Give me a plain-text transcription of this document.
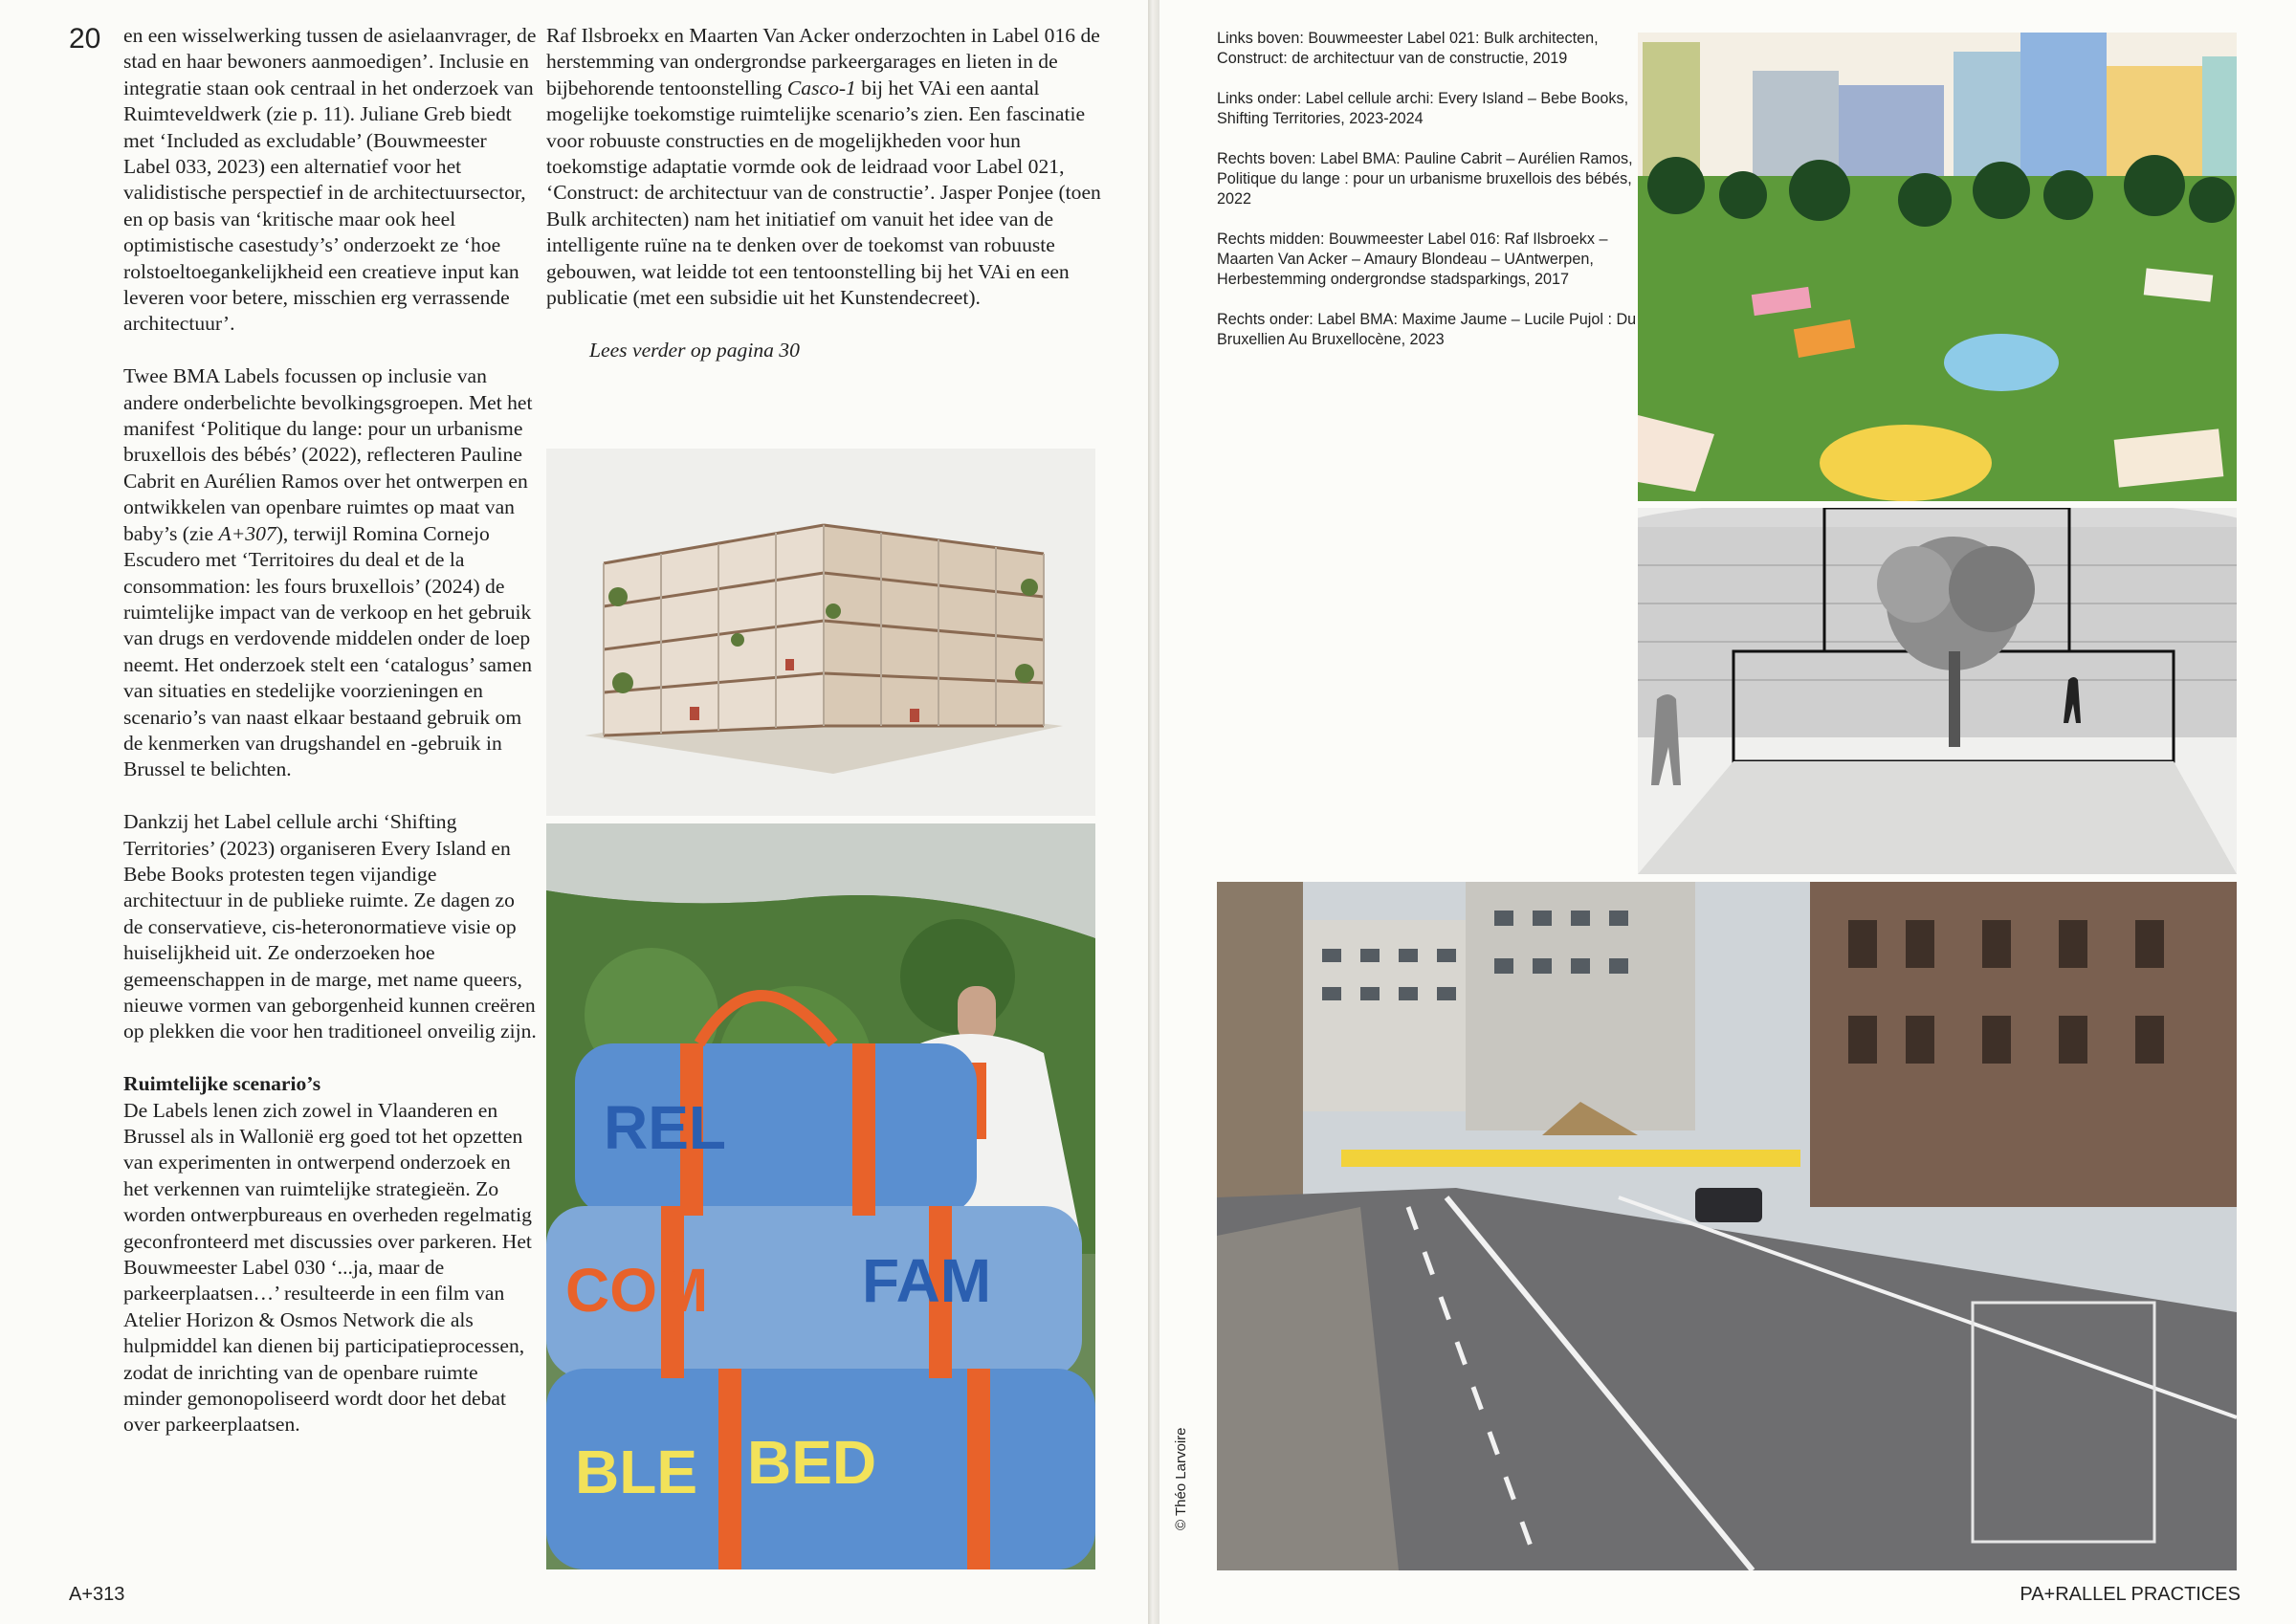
20 en een wisselwerking tussen de asielaanvrager, de stad en haar bewoners aanmoedigen’. Inclusie en integratie staan ook centraal in het onderzoek van Ruimteveldwerk (zie p. 11). Juliane Greb biedt met ‘Included as excludable’ (Bouwmeester Label 033, 2023) een alternatief voor het validistische perspectief in de architectuursector, en op basis van ‘kritische maar ook heel optimistische casestudy’s’ onderzoekt ze ‘hoe rolstoeltoegankelijkheid een creatieve input kan leveren voor betere, misschien erg verrassende architectuur’.

Twee BMA Labels focussen op inclusie van andere onderbelichte bevolkingsgroepen. Met het manifest ‘Politique du lange: pour un urbanisme bruxellois des bébés’ (2022), reflecteren Pauline Cabrit en Aurélien Ramos over het ontwerpen en ontwikkelen van openbare ruimtes op maat van baby’s (zie A+307), terwijl Romina Cornejo Escudero met ‘Territoires du deal et de la consommation: les fours bruxellois’ (2024) de ruimtelijke impact van de verkoop en het gebruik van drugs en verdovende middelen onder de loep neemt. Het onderzoek stelt een ‘catalogus’ samen van situaties en stedelijke voorzieningen en scenario’s van naast elkaar bestaand gebruik om de kenmerken van drugshandel en -gebruik in Brussel te belichten.

Dankzij het Label cellule archi ‘Shifting Territories’ (2023) organiseren Every Island en Bebe Books protesten tegen vijandige architectuur in de publieke ruimte. Ze dagen zo de conservatieve, cis-heteronormatieve visie op huiselijkheid uit. Ze onderzoeken hoe gemeenschappen in de marge, met name queers, nieuwe vormen van geborgenheid kunnen creëren op plekken die voor hen traditioneel onveilig zijn.

Ruimtelijke scenario’s
De Labels lenen zich zowel in Vlaanderen en Brussel als in Wallonië erg goed tot het opzetten van experimenten in ontwerpend onderzoek en het verkennen van ruimtelijke strategieën. Zo worden ontwerpbureaus en overheden regelmatig geconfronteerd met discussies over parkeren. Het Bouwmeester Label 030 ‘...ja, maar de parkeerplaatsen…’ resulteerde in een film van Atelier Horizon & Osmos Network die als hulpmiddel kan dienen bij participatieprocessen, zodat de inrichting van de openbare ruimte minder gemonopoliseerd wordt door het debat over parkeerplaatsen.

Raf Ilsbroekx en Maarten Van Acker onderzochten in Label 016 de herstemming van ondergrondse parkeergarages en lieten in de bijbehorende tentoonstelling Casco-1 bij het VAi een aantal mogelijke toekomstige ruimtelijke scenario’s zien. Een fascinatie voor robuuste constructies en de mogelijkheden voor hun toekomstige adaptatie vormde ook de leidraad voor Label 021, ‘Construct: de architectuur van de constructie’. Jasper Ponjee (toen Bulk architecten) nam het initiatief om vanuit het idee van de intelligente ruïne na te denken over de toekomst van robuuste gebouwen, wat leidde tot een tentoonstelling bij het VAi en een publicatie (met een subsidie uit het Kunstendecreet).

Lees verder op pagina 30
REL
COM	FAM
BLE BED
A+313

Links boven: Bouwmeester Label 021: Bulk architecten, Construct: de architectuur van de constructie, 2019

Links onder: Label cellule archi: Every Island – Bebe Books, Shifting Territories, 2023-2024

Rechts boven: Label BMA: Pauline Cabrit – Aurélien Ramos, Politique du lange : pour un urbanisme bruxellois des bébés, 2022

Rechts midden: Bouwmeester Label 016: Raf Ilsbroekx – Maarten Van Acker – Amaury Blondeau – UAntwerpen, Herbestemming ondergrondse stadsparkings, 2017

Rechts onder: Label BMA: Maxime Jaume – Lucile Pujol : Du Bruxellien Au Bruxellocène, 2023

© Théo Larvoire
PA+RALLEL PRACTICES
